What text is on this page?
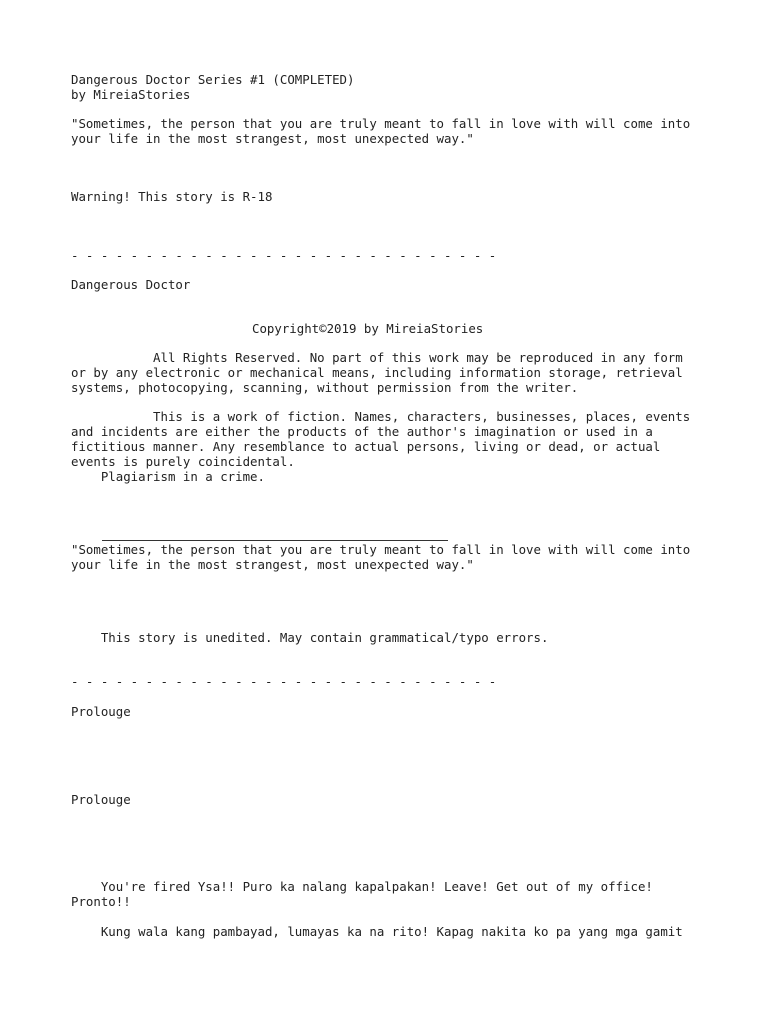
Dangerous Doctor Series #1 (COMPLETED)
by MireiaStories
"Sometimes, the person that you are truly meant to fall in love with will come into
your life in the most strangest, most unexpected way."
Warning! This story is R-18
- - - - - - - - - - - - - - - - - - - - - - - - - - - - -
Dangerous Doctor
Copyright©2019 by MireiaStories
All Rights Reserved. No part of this work may be reproduced in any form
or by any electronic or mechanical means, including information storage, retrieval
systems, photocopying, scanning, without permission from the writer.
This is a work of fiction. Names, characters, businesses, places, events
and incidents are either the products of the author's imagination or used in a
fictitious manner. Any resemblance to actual persons, living or dead, or actual
events is purely coincidental.
Plagiarism in a crime.
"Sometimes, the person that you are truly meant to fall in love with will come into
your life in the most strangest, most unexpected way."
This story is unedited. May contain grammatical/typo errors.
- - - - - - - - - - - - - - - - - - - - - - - - - - - - -
Prolouge
Prolouge
You're fired Ysa!! Puro ka nalang kapalpakan! Leave! Get out of my office!
Pronto!!
Kung wala kang pambayad, lumayas ka na rito! Kapag nakita ko pa yang mga gamit
